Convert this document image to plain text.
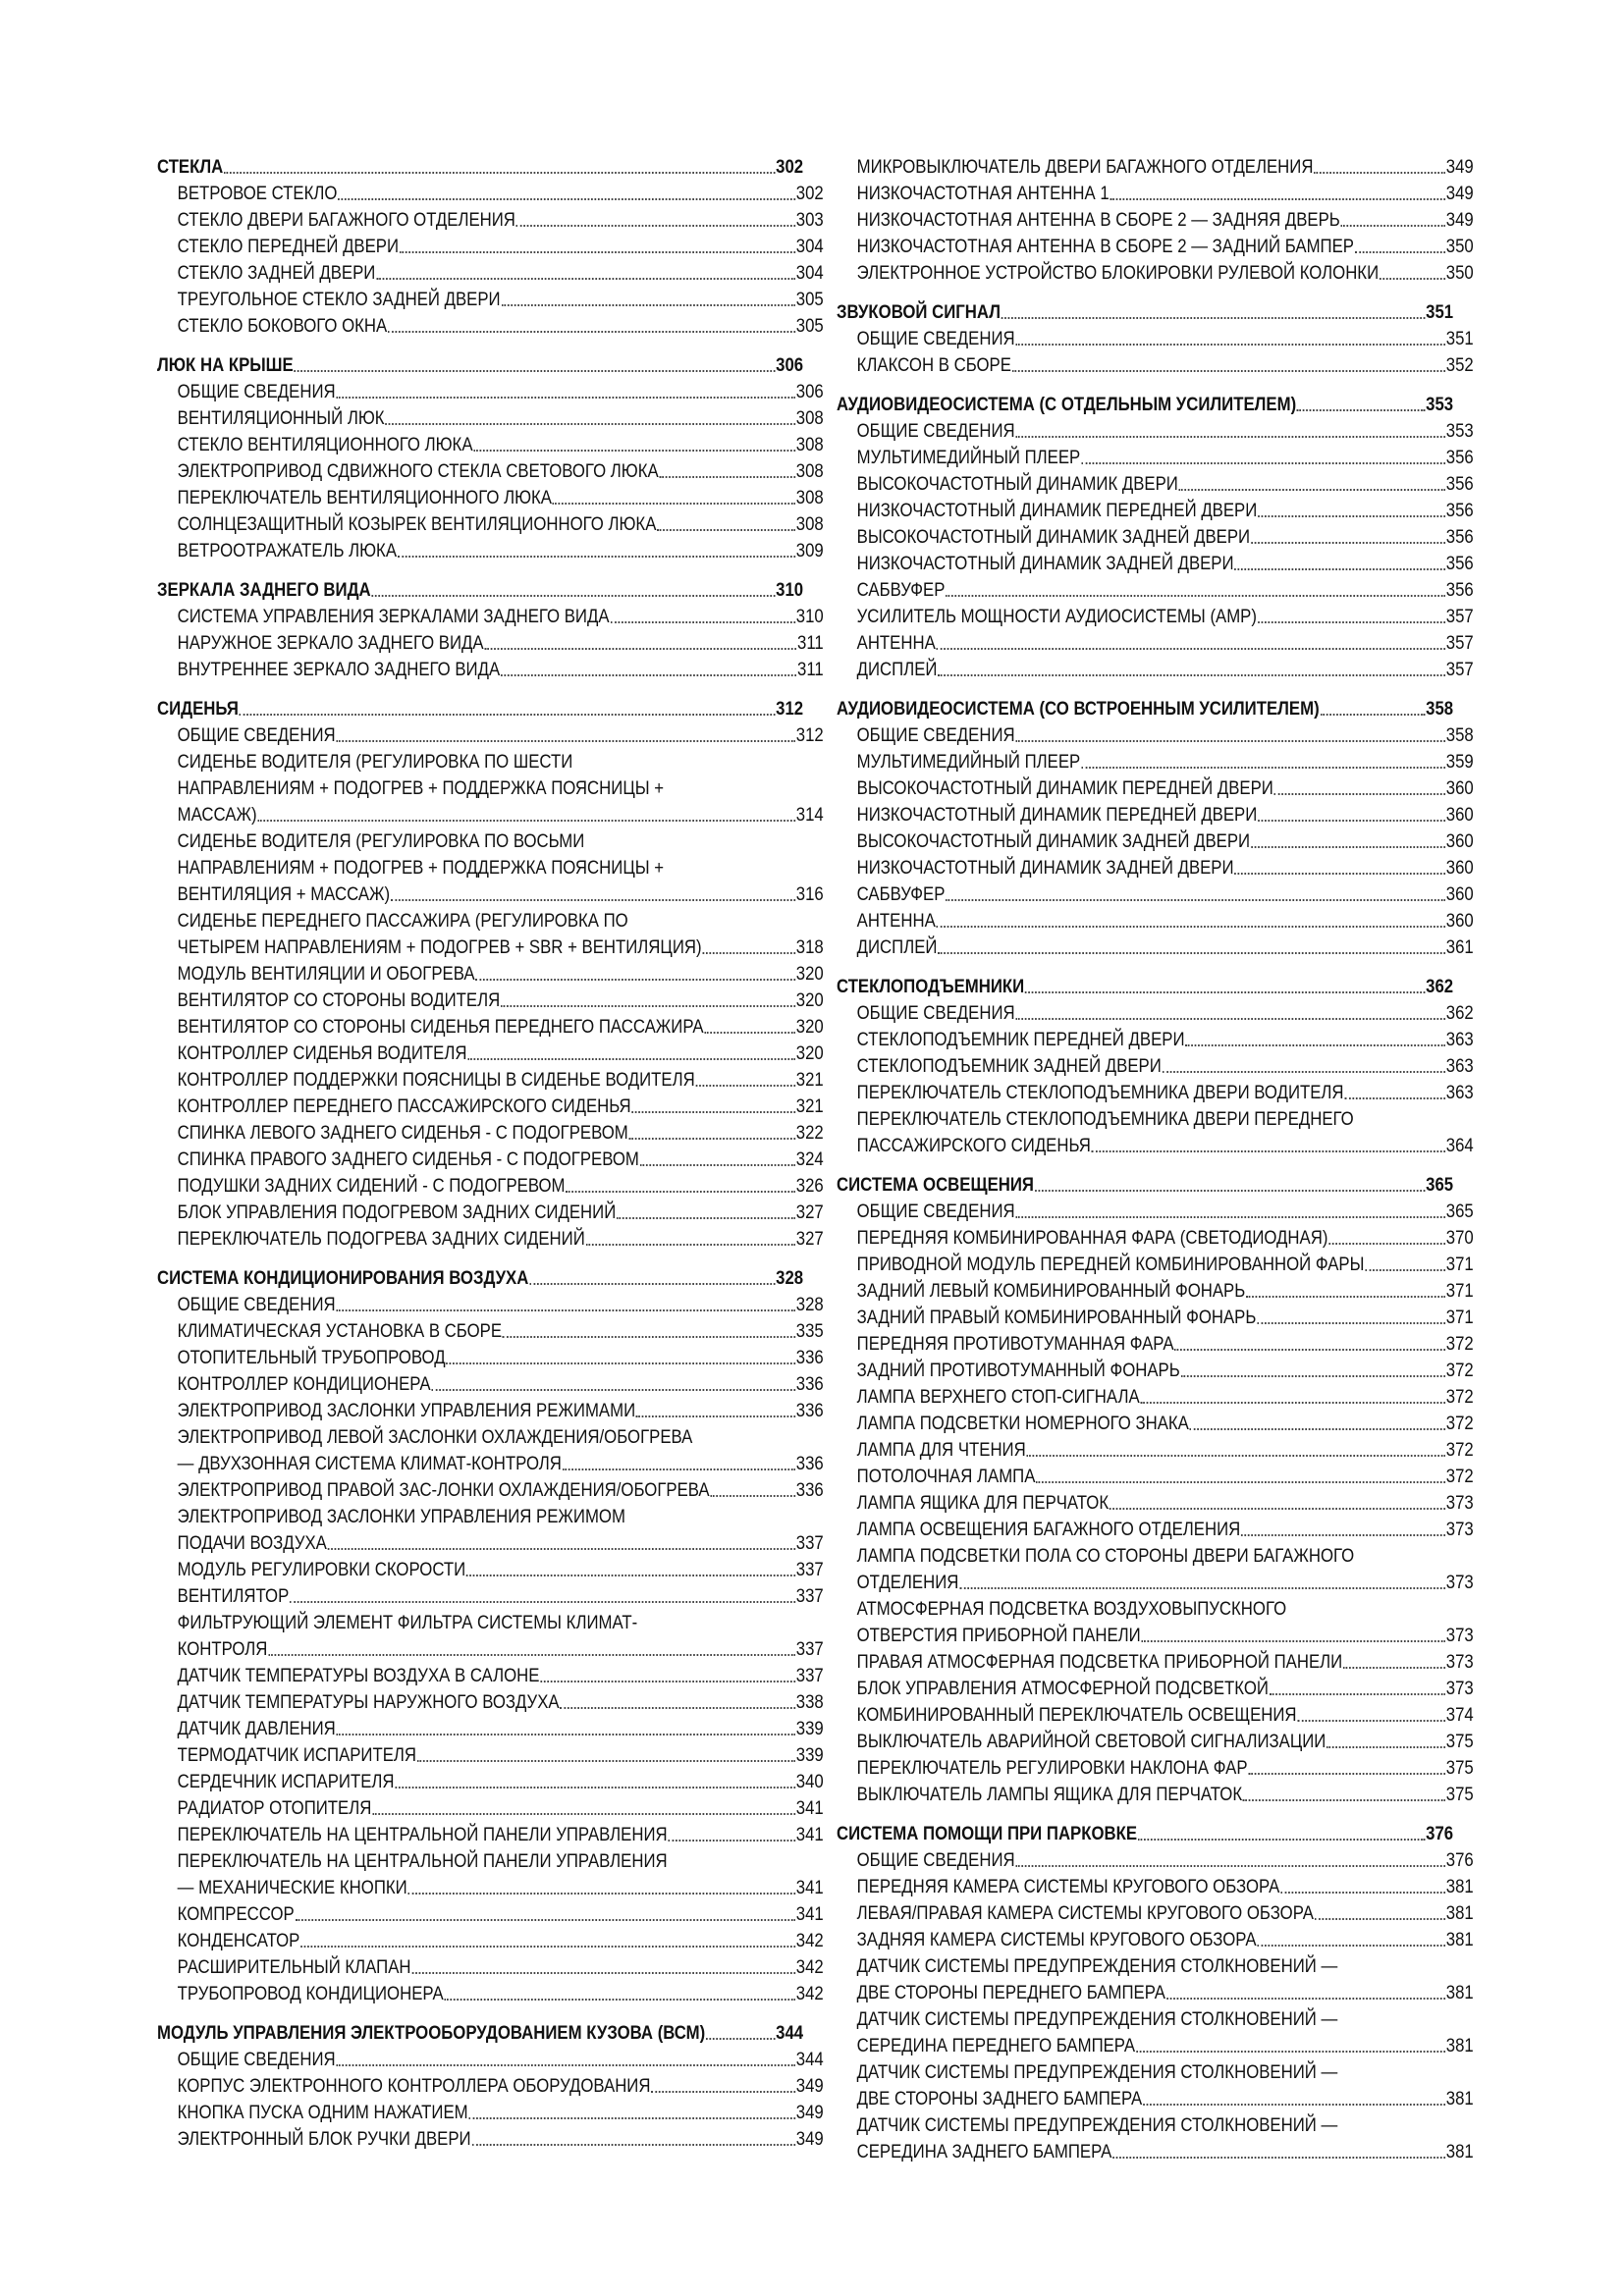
СТЕКЛА	302
ВЕТРОВОЕ СТЕКЛО	302
СТЕКЛО ДВЕРИ БАГАЖНОГО ОТДЕЛЕНИЯ	303
СТЕКЛО ПЕРЕДНЕЙ ДВЕРИ	304
СТЕКЛО ЗАДНЕЙ ДВЕРИ	304
ТРЕУГОЛЬНОЕ СТЕКЛО ЗАДНЕЙ ДВЕРИ	305
СТЕКЛО БОКОВОГО ОКНА	305
ЛЮК НА КРЫШЕ	306
ОБЩИЕ СВЕДЕНИЯ	306
ВЕНТИЛЯЦИОННЫЙ ЛЮК	308
СТЕКЛО ВЕНТИЛЯЦИОННОГО ЛЮКА	308
ЭЛЕКТРОПРИВОД СДВИЖНОГО СТЕКЛА СВЕТОВОГО ЛЮКА	308
ПЕРЕКЛЮЧАТЕЛЬ ВЕНТИЛЯЦИОННОГО ЛЮКА	308
СОЛНЦЕЗАЩИТНЫЙ КОЗЫРЕК ВЕНТИЛЯЦИОННОГО ЛЮКА	308
ВЕТРООТРАЖАТЕЛЬ ЛЮКА	309
ЗЕРКАЛА ЗАДНЕГО ВИДА	310
СИСТЕМА УПРАВЛЕНИЯ ЗЕРКАЛАМИ ЗАДНЕГО ВИДА	310
НАРУЖНОЕ ЗЕРКАЛО ЗАДНЕГО ВИДА	311
ВНУТРЕННЕЕ ЗЕРКАЛО ЗАДНЕГО ВИДА	311
СИДЕНЬЯ	312
ОБЩИЕ СВЕДЕНИЯ	312
СИДЕНЬЕ ВОДИТЕЛЯ (РЕГУЛИРОВКА ПО ШЕСТИ
НАПРАВЛЕНИЯМ + ПОДОГРЕВ + ПОДДЕРЖКА ПОЯСНИЦЫ +
МАССАЖ)	314
СИДЕНЬЕ ВОДИТЕЛЯ (РЕГУЛИРОВКА ПО ВОСЬМИ
НАПРАВЛЕНИЯМ + ПОДОГРЕВ + ПОДДЕРЖКА ПОЯСНИЦЫ +
ВЕНТИЛЯЦИЯ + МАССАЖ)	316
СИДЕНЬЕ ПЕРЕДНЕГО ПАССАЖИРА (РЕГУЛИРОВКА ПО
ЧЕТЫРЕМ НАПРАВЛЕНИЯМ + ПОДОГРЕВ + SBR + ВЕНТИЛЯЦИЯ)	318
МОДУЛЬ ВЕНТИЛЯЦИИ И ОБОГРЕВА	320
ВЕНТИЛЯТОР СО СТОРОНЫ ВОДИТЕЛЯ	320
ВЕНТИЛЯТОР СО СТОРОНЫ СИДЕНЬЯ ПЕРЕДНЕГО ПАССАЖИРА	320
КОНТРОЛЛЕР СИДЕНЬЯ ВОДИТЕЛЯ	320
КОНТРОЛЛЕР ПОДДЕРЖКИ ПОЯСНИЦЫ В СИДЕНЬЕ ВОДИТЕЛЯ	321
КОНТРОЛЛЕР ПЕРЕДНЕГО ПАССАЖИРСКОГО СИДЕНЬЯ	321
СПИНКА ЛЕВОГО ЗАДНЕГО СИДЕНЬЯ - С ПОДОГРЕВОМ	322
СПИНКА ПРАВОГО ЗАДНЕГО СИДЕНЬЯ - С ПОДОГРЕВОМ	324
ПОДУШКИ ЗАДНИХ СИДЕНИЙ - С ПОДОГРЕВОМ	326
БЛОК УПРАВЛЕНИЯ ПОДОГРЕВОМ ЗАДНИХ СИДЕНИЙ	327
ПЕРЕКЛЮЧАТЕЛЬ ПОДОГРЕВА ЗАДНИХ СИДЕНИЙ	327
СИСТЕМА КОНДИЦИОНИРОВАНИЯ ВОЗДУХА	328
ОБЩИЕ СВЕДЕНИЯ	328
КЛИМАТИЧЕСКАЯ УСТАНОВКА В СБОРЕ	335
ОТОПИТЕЛЬНЫЙ ТРУБОПРОВОД	336
КОНТРОЛЛЕР КОНДИЦИОНЕРА	336
ЭЛЕКТРОПРИВОД ЗАСЛОНКИ УПРАВЛЕНИЯ РЕЖИМАМИ	336
ЭЛЕКТРОПРИВОД ЛЕВОЙ ЗАСЛОНКИ ОХЛАЖДЕНИЯ/ОБОГРЕВА
— ДВУХЗОННАЯ СИСТЕМА КЛИМАТ-КОНТРОЛЯ	336
ЭЛЕКТРОПРИВОД ПРАВОЙ ЗАС-ЛОНКИ ОХЛАЖДЕНИЯ/ОБОГРЕВА	336
ЭЛЕКТРОПРИВОД ЗАСЛОНКИ УПРАВЛЕНИЯ РЕЖИМОМ
ПОДАЧИ ВОЗДУХА	337
МОДУЛЬ РЕГУЛИРОВКИ СКОРОСТИ	337
ВЕНТИЛЯТОР	337
ФИЛЬТРУЮЩИЙ ЭЛЕМЕНТ ФИЛЬТРА СИСТЕМЫ КЛИМАТ-
КОНТРОЛЯ	337
ДАТЧИК ТЕМПЕРАТУРЫ ВОЗДУХА В САЛОНЕ	337
ДАТЧИК ТЕМПЕРАТУРЫ НАРУЖНОГО ВОЗДУХА	338
ДАТЧИК ДАВЛЕНИЯ	339
ТЕРМОДАТЧИК ИСПАРИТЕЛЯ	339
СЕРДЕЧНИК ИСПАРИТЕЛЯ	340
РАДИАТОР ОТОПИТЕЛЯ	341
ПЕРЕКЛЮЧАТЕЛЬ НА ЦЕНТРАЛЬНОЙ ПАНЕЛИ УПРАВЛЕНИЯ	341
ПЕРЕКЛЮЧАТЕЛЬ НА ЦЕНТРАЛЬНОЙ ПАНЕЛИ УПРАВЛЕНИЯ
— МЕХАНИЧЕСКИЕ КНОПКИ	341
КОМПРЕССОР	341
КОНДЕНСАТОР	342
РАСШИРИТЕЛЬНЫЙ КЛАПАН	342
ТРУБОПРОВОД КОНДИЦИОНЕРА	342
МОДУЛЬ УПРАВЛЕНИЯ ЭЛЕКТРООБОРУДОВАНИЕМ КУЗОВА (ВСМ)	344
ОБЩИЕ СВЕДЕНИЯ	344
КОРПУС ЭЛЕКТРОННОГО КОНТРОЛЛЕРА ОБОРУДОВАНИЯ	349
КНОПКА ПУСКА ОДНИМ НАЖАТИЕМ	349
ЭЛЕКТРОННЫЙ БЛОК РУЧКИ ДВЕРИ	349
МИКРОВЫКЛЮЧАТЕЛЬ ДВЕРИ БАГАЖНОГО ОТДЕЛЕНИЯ	349
НИЗКОЧАСТОТНАЯ АНТЕННА 1	349
НИЗКОЧАСТОТНАЯ АНТЕННА В СБОРЕ 2 — ЗАДНЯЯ ДВЕРЬ	349
НИЗКОЧАСТОТНАЯ АНТЕННА В СБОРЕ 2 — ЗАДНИЙ БАМПЕР	350
ЭЛЕКТРОННОЕ УСТРОЙСТВО БЛОКИРОВКИ РУЛЕВОЙ КОЛОНКИ	350
ЗВУКОВОЙ СИГНАЛ	351
ОБЩИЕ СВЕДЕНИЯ	351
КЛАКСОН В СБОРЕ	352
АУДИОВИДЕОСИСТЕМА (С ОТДЕЛЬНЫМ УСИЛИТЕЛЕМ)	353
ОБЩИЕ СВЕДЕНИЯ	353
МУЛЬТИМЕДИЙНЫЙ ПЛЕЕР	356
ВЫСОКОЧАСТОТНЫЙ ДИНАМИК ДВЕРИ	356
НИЗКОЧАСТОТНЫЙ ДИНАМИК ПЕРЕДНЕЙ ДВЕРИ	356
ВЫСОКОЧАСТОТНЫЙ ДИНАМИК ЗАДНЕЙ ДВЕРИ	356
НИЗКОЧАСТОТНЫЙ ДИНАМИК ЗАДНЕЙ ДВЕРИ	356
САБВУФЕР	356
УСИЛИТЕЛЬ МОЩНОСТИ АУДИОСИСТЕМЫ (АМР)	357
АНТЕННА	357
ДИСПЛЕЙ	357
АУДИОВИДЕОСИСТЕМА (СО ВСТРОЕННЫМ УСИЛИТЕЛЕМ)	358
ОБЩИЕ СВЕДЕНИЯ	358
МУЛЬТИМЕДИЙНЫЙ ПЛЕЕР	359
ВЫСОКОЧАСТОТНЫЙ ДИНАМИК ПЕРЕДНЕЙ ДВЕРИ	360
НИЗКОЧАСТОТНЫЙ ДИНАМИК ПЕРЕДНЕЙ ДВЕРИ	360
ВЫСОКОЧАСТОТНЫЙ ДИНАМИК ЗАДНЕЙ ДВЕРИ	360
НИЗКОЧАСТОТНЫЙ ДИНАМИК ЗАДНЕЙ ДВЕРИ	360
САБВУФЕР	360
АНТЕННА	360
ДИСПЛЕЙ	361
СТЕКЛОПОДЪЕМНИКИ	362
ОБЩИЕ СВЕДЕНИЯ	362
СТЕКЛОПОДЪЕМНИК ПЕРЕДНЕЙ ДВЕРИ	363
СТЕКЛОПОДЪЕМНИК ЗАДНЕЙ ДВЕРИ	363
ПЕРЕКЛЮЧАТЕЛЬ СТЕКЛОПОДЪЕМНИКА ДВЕРИ ВОДИТЕЛЯ	363
ПЕРЕКЛЮЧАТЕЛЬ СТЕКЛОПОДЪЕМНИКА ДВЕРИ ПЕРЕДНЕГО
ПАССАЖИРСКОГО СИДЕНЬЯ	364
СИСТЕМА ОСВЕЩЕНИЯ	365
ОБЩИЕ СВЕДЕНИЯ	365
ПЕРЕДНЯЯ КОМБИНИРОВАННАЯ ФАРА (СВЕТОДИОДНАЯ)	370
ПРИВОДНОЙ МОДУЛЬ ПЕРЕДНЕЙ КОМБИНИРОВАННОЙ ФАРЫ	371
ЗАДНИЙ ЛЕВЫЙ КОМБИНИРОВАННЫЙ ФОНАРЬ	371
ЗАДНИЙ ПРАВЫЙ КОМБИНИРОВАННЫЙ ФОНАРЬ	371
ПЕРЕДНЯЯ ПРОТИВОТУМАННАЯ ФАРА	372
ЗАДНИЙ ПРОТИВОТУМАННЫЙ ФОНАРЬ	372
ЛАМПА ВЕРХНЕГО СТОП-СИГНАЛА	372
ЛАМПА ПОДСВЕТКИ НОМЕРНОГО ЗНАКА	372
ЛАМПА ДЛЯ ЧТЕНИЯ	372
ПОТОЛОЧНАЯ ЛАМПА	372
ЛАМПА ЯЩИКА ДЛЯ ПЕРЧАТОК	373
ЛАМПА ОСВЕЩЕНИЯ БАГАЖНОГО ОТДЕЛЕНИЯ	373
ЛАМПА ПОДСВЕТКИ ПОЛА СО СТОРОНЫ ДВЕРИ БАГАЖНОГО
ОТДЕЛЕНИЯ	373
АТМОСФЕРНАЯ ПОДСВЕТКА ВОЗДУХОВЫПУСКНОГО
ОТВЕРСТИЯ ПРИБОРНОЙ ПАНЕЛИ	373
ПРАВАЯ АТМОСФЕРНАЯ ПОДСВЕТКА ПРИБОРНОЙ ПАНЕЛИ	373
БЛОК УПРАВЛЕНИЯ АТМОСФЕРНОЙ ПОДСВЕТКОЙ	373
КОМБИНИРОВАННЫЙ ПЕРЕКЛЮЧАТЕЛЬ ОСВЕЩЕНИЯ	374
ВЫКЛЮЧАТЕЛЬ АВАРИЙНОЙ СВЕТОВОЙ СИГНАЛИЗАЦИИ	375
ПЕРЕКЛЮЧАТЕЛЬ РЕГУЛИРОВКИ НАКЛОНА ФАР	375
ВЫКЛЮЧАТЕЛЬ ЛАМПЫ ЯЩИКА ДЛЯ ПЕРЧАТОК	375
СИСТЕМА ПОМОЩИ ПРИ ПАРКОВКЕ	376
ОБЩИЕ СВЕДЕНИЯ	376
ПЕРЕДНЯЯ КАМЕРА СИСТЕМЫ КРУГОВОГО ОБЗОРА	381
ЛЕВАЯ/ПРАВАЯ КАМЕРА СИСТЕМЫ КРУГОВОГО ОБЗОРА	381
ЗАДНЯЯ КАМЕРА СИСТЕМЫ КРУГОВОГО ОБЗОРА	381
ДАТЧИК СИСТЕМЫ ПРЕДУПРЕЖДЕНИЯ СТОЛКНОВЕНИЙ —
ДВЕ СТОРОНЫ ПЕРЕДНЕГО БАМПЕРА	381
ДАТЧИК СИСТЕМЫ ПРЕДУПРЕЖДЕНИЯ СТОЛКНОВЕНИЙ —
СЕРЕДИНА ПЕРЕДНЕГО БАМПЕРА	381
ДАТЧИК СИСТЕМЫ ПРЕДУПРЕЖДЕНИЯ СТОЛКНОВЕНИЙ —
ДВЕ СТОРОНЫ ЗАДНЕГО БАМПЕРА	381
ДАТЧИК СИСТЕМЫ ПРЕДУПРЕЖДЕНИЯ СТОЛКНОВЕНИЙ —
СЕРЕДИНА ЗАДНЕГО БАМПЕРА	381
